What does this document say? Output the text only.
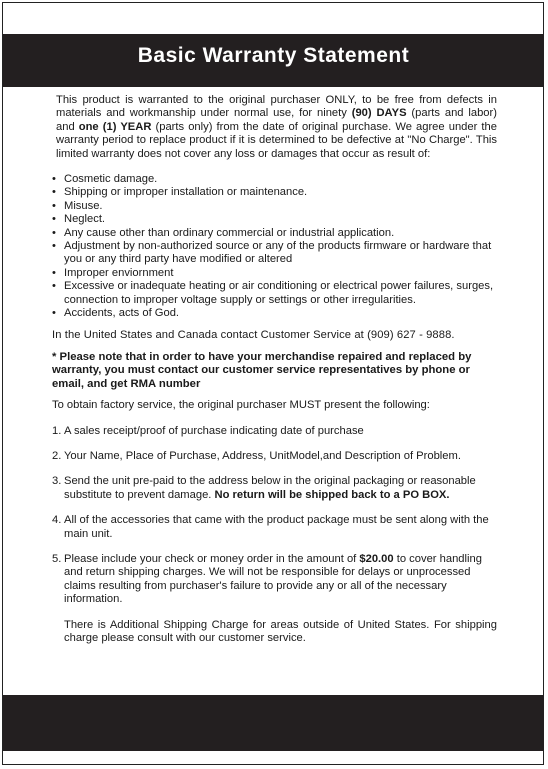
Basic Warranty Statement

This product is warranted to the original purchaser ONLY, to be free from defects in materials and workmanship under normal use, for ninety (90) DAYS (parts and labor) and one (1) YEAR (parts only) from the date of original purchase. We agree under the warranty period to replace product if it is determined to be defective at "No Charge". This limited warranty does not cover any loss or damages that occur as result of:

• Cosmetic damage.
• Shipping or improper installation or maintenance.
• Misuse.
• Neglect.
• Any cause other than ordinary commercial or industrial application.
• Adjustment by non-authorized source or any of the products firmware or hardware that you or any third party have modified or altered
• Improper enviornment
• Excessive or inadequate heating or air conditioning or electrical power failures, surges, connection to improper voltage supply or settings or other irregularities.
• Accidents, acts of God.
In the United States and Canada contact Customer Service at (909) 627 - 9888.
* Please note that in order to have your merchandise repaired and replaced by warranty, you must contact our customer service representatives by phone or email, and get RMA number
To obtain factory service, the original purchaser MUST present the following:
1. A sales receipt/proof of purchase indicating date of purchase
2. Your Name, Place of Purchase, Address, UnitModel,and Description of Problem.
3. Send the unit pre-paid to the address below in the original packaging or reasonable substitute to prevent damage. No return will be shipped back to a PO BOX.
4. All of the accessories that came with the product package must be sent along with the main unit.
5. Please include your check or money order in the amount of $20.00 to cover handling and return shipping charges. We will not be responsible for delays or unprocessed claims resulting from purchaser's failure to provide any or all of the necessary information.
There is Additional Shipping Charge for areas outside of United States. For shipping charge please consult with our customer service.
